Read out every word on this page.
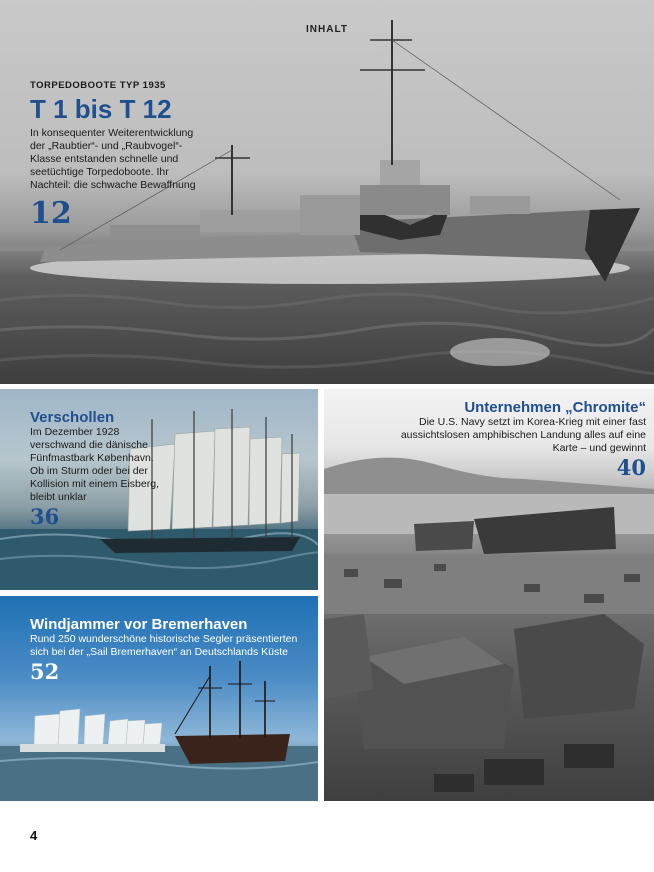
INHALT
TORPEDOBOOTE TYP 1935
T 1 bis T 12
In konsequenter Weiterentwicklung der „Raubtier“- und „Raubvogel“-Klasse entstanden schnelle und seetüchtige Torpedoboote. Ihr Nachteil: die schwache Bewaffnung
12
Verschollen
Im Dezember 1928 verschwand die dänische Fünfmastbark København. Ob im Sturm oder bei der Kollision mit einem Eisberg, bleibt unklar
36
Windjammer vor Bremerhaven
Rund 250 wunderschöne historische Segler präsentierten sich bei der „Sail Bremerhaven“ an Deutschlands Küste
52
Unternehmen „Chromite“
Die U.S. Navy setzt im Korea-Krieg mit einer fast aussichtslosen amphibischen Landung alles auf eine Karte – und gewinnt
40
4
